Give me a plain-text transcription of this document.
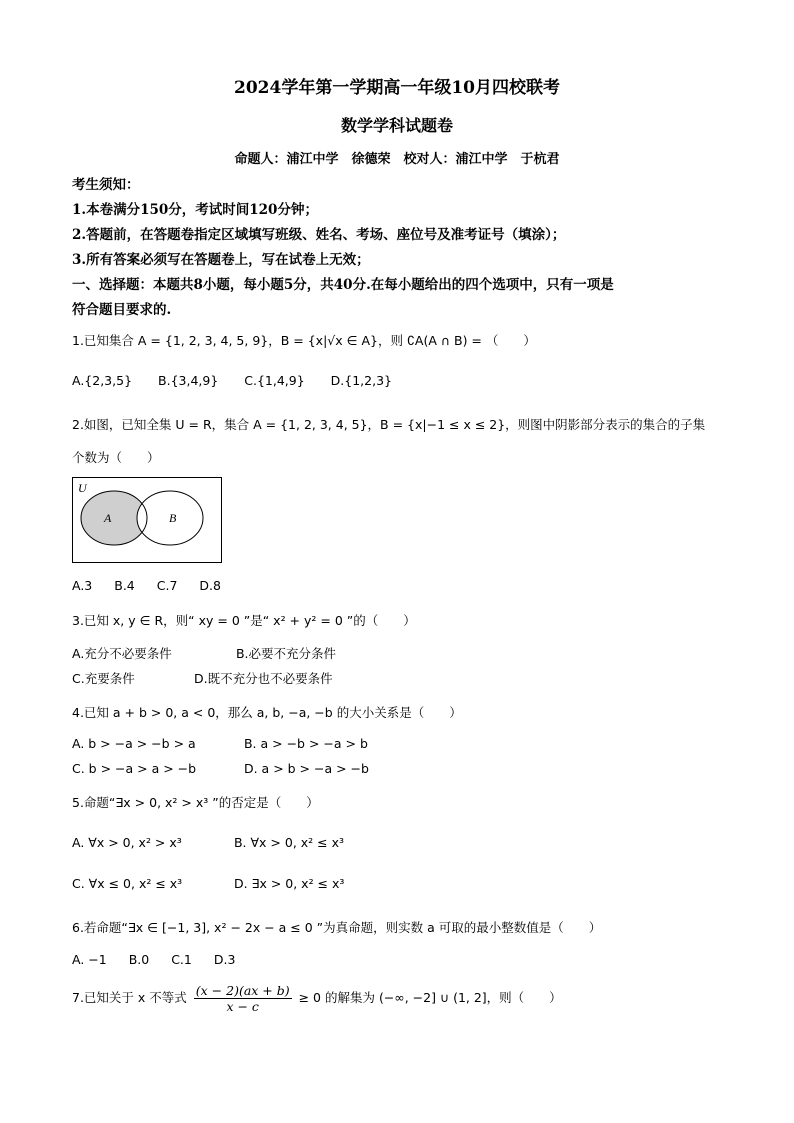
2024学年第一学期高一年级10月四校联考
数学学科试题卷
命题人：浦江中学　徐德荣　校对人：浦江中学　于杭君
考生须知：
1.本卷满分150分，考试时间120分钟；
2.答题前，在答题卷指定区域填写班级、姓名、考场、座位号及准考证号（填涂）；
3.所有答案必须写在答题卷上，写在试卷上无效；
一、选择题：本题共8小题，每小题5分，共40分.在每小题给出的四个选项中，只有一项是
符合题目要求的.
1.已知集合 A = {1, 2, 3, 4, 5, 9}，B = {x|√x ∈ A}，则 ∁A(A ∩ B) = （　　）
A.{2,3,5} B.{3,4,9} C.{1,4,9} D.{1,2,3}
2.如图，已知全集 U = R，集合 A = {1, 2, 3, 4, 5}，B = {x|−1 ≤ x ≤ 2}，则图中阴影部分表示的集合的子集
个数为（　　）
U
A	B
A.3 B.4 C.7 D.8
3.已知 x, y ∈ R，则“ xy = 0 ”是“ x² + y² = 0 ”的（　　）
A.充分不必要条件	B.必要不充分条件
C.充要条件	D.既不充分也不必要条件
4.已知 a + b > 0, a < 0，那么 a, b, −a, −b 的大小关系是（　　）
A. b > −a > −b > a	B. a > −b > −a > b
C. b > −a > a > −b	D. a > b > −a > −b
5.命题“∃x > 0, x² > x³ ”的否定是（　　）
A. ∀x > 0, x² > x³	B. ∀x > 0, x² ≤ x³
C. ∀x ≤ 0, x² ≤ x³	D. ∃x > 0, x² ≤ x³
6.若命题“∃x ∈ [−1, 3], x² − 2x − a ≤ 0 ”为真命题，则实数 a 可取的最小整数值是（　　）
A. −1 B.0 C.1 D.3
7.已知关于 x 不等式 $\frac{(x - 2)(ax + b)}{x - c} \ge 0$ 的解集为 (−∞, −2] ∪ (1, 2]，则（　　）
